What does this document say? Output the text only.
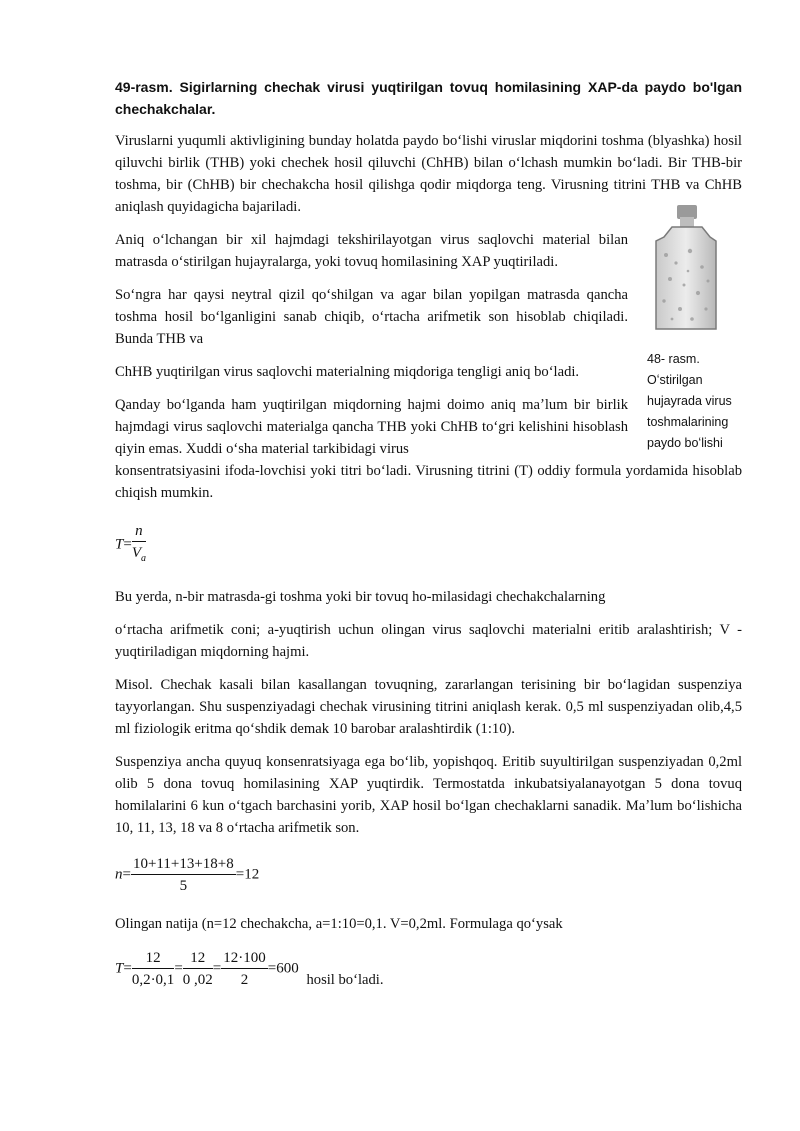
49-rasm. Sigirlarning chechak virusi yuqtirilgan tovuq homilasining XAP-da paydo bo'lgan chechakchalar.

Viruslarni yuqumli aktivligining bunday holatda paydo boʻlishi viruslar miqdorini toshma (blyashka) hosil qiluvchi birlik (THB) yoki chechek hosil qiluvchi (ChHB) bilan oʻlchash mumkin boʻladi. Bir THB-bir toshma, bir (ChHB) bir chechakcha hosil qilishga qodir miqdorga teng. Virusning titrini THB va ChHB aniqlash quyidagicha bajariladi.

Aniq oʻlchangan bir xil hajmdagi tekshirilayotgan virus saqlovchi material bilan matrasda oʻstirilgan hujayralarga, yoki tovuq homilasining XAP yuqtiriladi.

Soʻngra har qaysi neytral qizil qoʻshilgan va agar bilan yopilgan matrasda qancha toshma hosil boʻlganligini sanab chiqib, oʻrtacha arifmetik son hisoblab chiqiladi. Bunda THB va

ChHB yuqtirilgan virus saqlovchi materialning miqdoriga tengligi aniq boʻladi.

Qanday boʻlganda ham yuqtirilgan miqdorning hajmi doimo aniq maʼlum bir birlik hajmdagi virus saqlovchi materialga qancha THB yoki ChHB toʻgri kelishini hisoblash qiyin emas. Xuddi oʻsha material tarkibidagi virus

konsentratsiyasini ifoda-lovchisi yoki titri boʻladi. Virusning titrini (T) oddiy formula yordamida hisoblab chiqish mumkin.

$T= \frac{n}{V_a}$

Bu yerda, n-bir matrasda-gi toshma yoki bir tovuq ho-milasidagi chechakchalarning

oʻrtacha arifmetik coni; a-yuqtirish uchun olingan virus saqlovchi materialni eritib aralashtirish; V - yuqtiriladigan miqdorning hajmi.

Misol. Chechak kasali bilan kasallangan tovuqning, zararlangan terisining bir boʻlagidan suspenziya tayyorlangan. Shu suspenziyadagi chechak virusining titrini aniqlash kerak. 0,5 ml suspenziyadan olib,4,5 ml fiziologik eritma qoʻshdik demak 10 barobar aralashtirdik (1:10).

Suspenziya ancha quyuq konsenratsiyaga ega boʻlib, yopishqoq. Eritib suyultirilgan suspenziyadan 0,2ml olib 5 dona tovuq homilasining XAP yuqtirdik. Termostatda inkubatsiyalanayotgan 5 dona tovuq homilalarini 6 kun oʻtgach barchasini yorib, XAP hosil boʻlgan chechaklarni sanadik. Maʼlum boʻlishicha 10, 11, 13, 18 va 8 oʻrtacha arifmetik son.

$n= \frac{10+11+13+18+8}{5} =12$

Olingan natija (n=12 chechakcha, a=1:10=0,1. V=0,2ml. Formulaga qoʻysak

$T= \frac{12}{0,2\cdot 0,1} = \frac{12}{0 ,02} = \frac{12\cdot 100}{2} =600$ hosil boʻladi.
48- rasm. Oʻstirilgan hujayrada virus toshmalarining paydo boʻlishi
